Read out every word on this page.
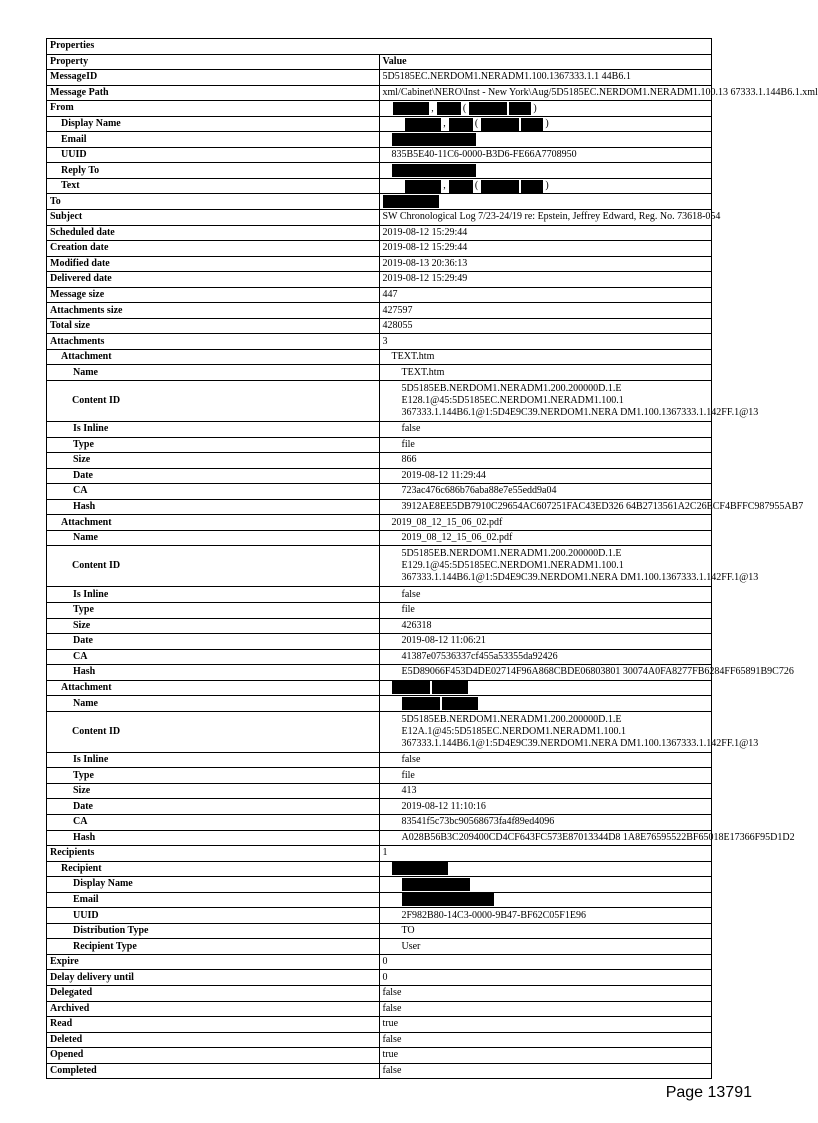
Properties	
Property	Value
MessageID	5D5185EC.NERDOM1.NERADM1.100.1367333.1.1 44B6.1
Message Path	xml/Cabinet\NERO\Inst - New York\Aug/5D5185EC.NERDOM1.NERADM1.100.13 67333.1.144B6.1.xml
From	, ( )
Display Name	, ( )
Email	
UUID	835B5E40-11C6-0000-B3D6-FE66A7708950
Reply To	
Text	, ( )
To	
Subject	SW Chronological Log 7/23-24/19 re: Epstein, Jeffrey Edward, Reg. No. 73618-054
Scheduled date	2019-08-12 15:29:44
Creation date	2019-08-12 15:29:44
Modified date	2019-08-13 20:36:13
Delivered date	2019-08-12 15:29:49
Message size	447
Attachments size	427597
Total size	428055
Attachments	3
Attachment	TEXT.htm
Name	TEXT.htm
Content ID	5D5185EB.NERDOM1.NERADM1.200.200000D.1.E
E128.1@45:5D5185EC.NERDOM1.NERADM1.100.1
367333.1.144B6.1@1:5D4E9C39.NERDOM1.NERA DM1.100.1367333.1.142FF.1@13

Is Inline	false
Type	file
Size	866
Date	2019-08-12 11:29:44
CA	723ac476c686b76aba88e7e55edd9a04
Hash	3912AE8EE5DB7910C29654AC607251FAC43ED326 64B2713561A2C26ECF4BFFC987955AB7
Attachment	2019_08_12_15_06_02.pdf
Name	2019_08_12_15_06_02.pdf
Content ID	5D5185EB.NERDOM1.NERADM1.200.200000D.1.E
E129.1@45:5D5185EC.NERDOM1.NERADM1.100.1
367333.1.144B6.1@1:5D4E9C39.NERDOM1.NERA DM1.100.1367333.1.142FF.1@13

Is Inline	false
Type	file
Size	426318
Date	2019-08-12 11:06:21
CA	41387e07536337cf455a53355da92426
Hash	E5D89066F453D4DE02714F96A868CBDE06803801 30074A0FA8277FB6284FF65891B9C726
Attachment	
Name	
Content ID	5D5185EB.NERDOM1.NERADM1.200.200000D.1.E
E12A.1@45:5D5185EC.NERDOM1.NERADM1.100.1
367333.1.144B6.1@1:5D4E9C39.NERDOM1.NERA DM1.100.1367333.1.142FF.1@13

Is Inline	false
Type	file
Size	413
Date	2019-08-12 11:10:16
CA	83541f5c73bc90568673fa4f89ed4096
Hash	A028B56B3C209400CD4CF643FC573E87013344D8 1A8E76595522BF65018E17366F95D1D2
Recipients	1
Recipient	
Display Name	
Email	
UUID	2F982B80-14C3-0000-9B47-BF62C05F1E96
Distribution Type	TO
Recipient Type	User
Expire	0
Delay delivery until	0
Delegated	false
Archived	false
Read	true
Deleted	false
Opened	true
Completed	false
Page 13791
